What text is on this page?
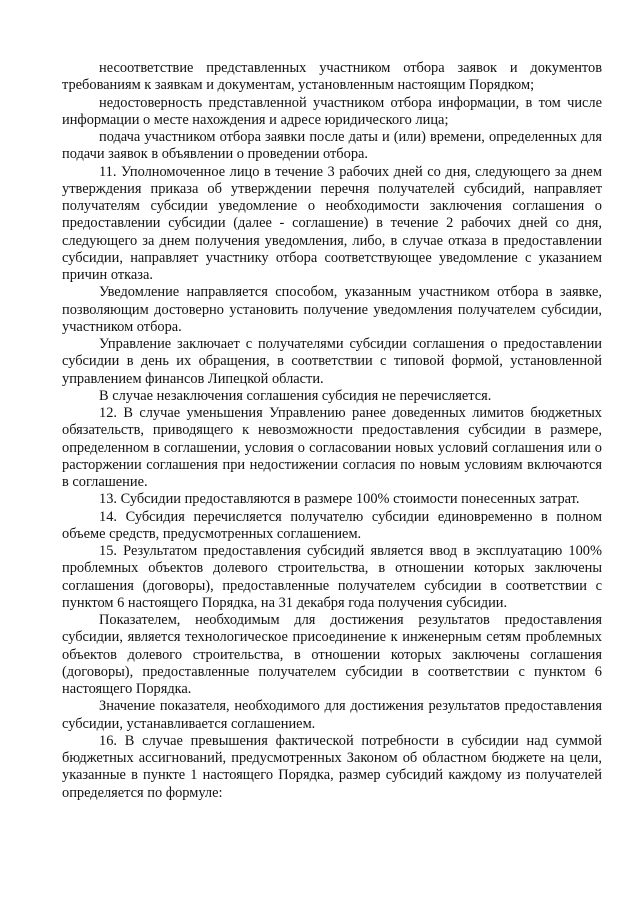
несоответствие представленных участником отбора заявок и документов требованиям к заявкам и документам, установленным настоящим Порядком;

недостоверность представленной участником отбора информации, в том числе информации о месте нахождения и адресе юридического лица;

подача участником отбора заявки после даты и (или) времени, определенных для подачи заявок в объявлении о проведении отбора.

11. Уполномоченное лицо в течение 3 рабочих дней со дня, следующего за днем утверждения приказа об утверждении перечня получателей субсидий, направляет получателям субсидии уведомление о необходимости заключения соглашения о предоставлении субсидии (далее - соглашение) в течение 2 рабочих дней со дня, следующего за днем получения уведомления, либо, в случае отказа в предоставлении субсидии, направляет участнику отбора соответствующее уведомление с указанием причин отказа.

Уведомление направляется способом, указанным участником отбора в заявке, позволяющим достоверно установить получение уведомления получателем субсидии, участником отбора.

Управление заключает с получателями субсидии соглашения о предоставлении субсидии в день их обращения, в соответствии с типовой формой, установленной управлением финансов Липецкой области.

В случае незаключения соглашения субсидия не перечисляется.

12. В случае уменьшения Управлению ранее доведенных лимитов бюджетных обязательств, приводящего к невозможности предоставления субсидии в размере, определенном в соглашении, условия о согласовании новых условий соглашения или о расторжении соглашения при недостижении согласия по новым условиям включаются в соглашение.

13. Субсидии предоставляются в размере 100% стоимости понесенных затрат.

14. Субсидия перечисляется получателю субсидии единовременно в полном объеме средств, предусмотренных соглашением.

15. Результатом предоставления субсидий является ввод в эксплуатацию 100% проблемных объектов долевого строительства, в отношении которых заключены соглашения (договоры), предоставленные получателем субсидии в соответствии с пунктом 6 настоящего Порядка, на 31 декабря года получения субсидии.

Показателем, необходимым для достижения результатов предоставления субсидии, является технологическое присоединение к инженерным сетям проблемных объектов долевого строительства, в отношении которых заключены соглашения (договоры), предоставленные получателем субсидии в соответствии с пунктом 6 настоящего Порядка.

Значение показателя, необходимого для достижения результатов предоставления субсидии, устанавливается соглашением.

16. В случае превышения фактической потребности в субсидии над суммой бюджетных ассигнований, предусмотренных Законом об областном бюджете на цели, указанные в пункте 1 настоящего Порядка, размер субсидий каждому из получателей определяется по формуле:
